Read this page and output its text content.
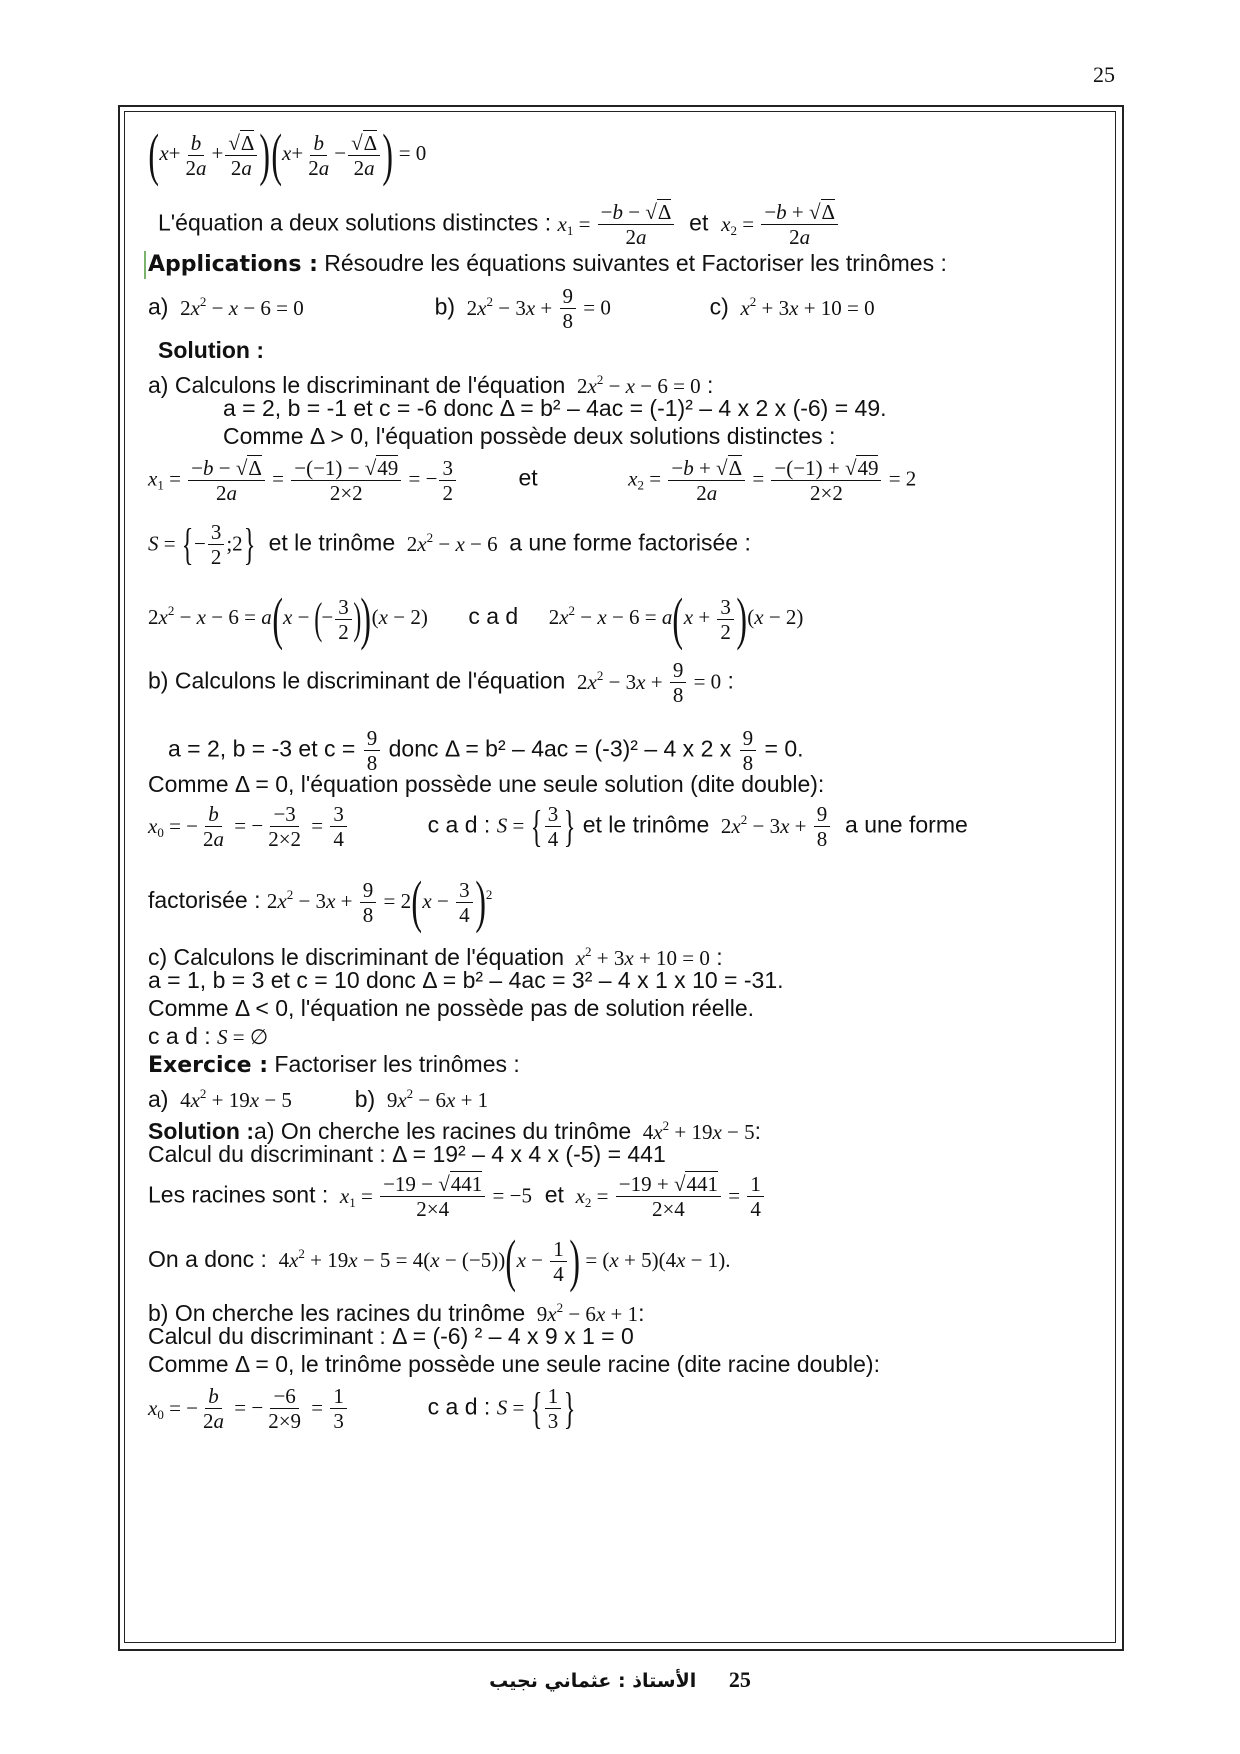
25
$(x+ \frac{b}{2a} + \frac{√\Delta}{2a} )(x+ \frac{b}{2a} - \frac{√\Delta}{2a}$ ) = 0
L'équation a deux solutions distinctes : $x_1 = \frac{-b - √\Delta}{2a}$ et $x_2 = \frac{-b + √\Delta}{2a}$
Applications : Résoudre les équations suivantes et Factoriser les trinômes :
a)  $2x^2 - x - 6 = 0$	b)  $2x^2 - 3x + \frac{9}{8} = 0$	c) $x^2 + 3x + 10 = 0$
Solution :
a) Calculons le discriminant de l'équation  $2x^2 - x - 6 = 0$ :
a = 2, b = -1 et c = -6 donc Δ = b² – 4ac = (-1)² – 4 x 2 x (-6) = 49.
Comme Δ > 0, l'équation possède deux solutions distinctes :
$x_1 = \frac{-b - √\Delta}{2a} = \frac{-(-1) - √49}{2\times 2}$ = − $\frac{3}{2}$	et	$x_2 = \frac{-b + √\Delta}{2a} = \frac{-(-1) + √49}{2\times 2} = 2$
S = {− $\frac{3}{2}$ ;2} et le trinôme  $2x^2 - x - 6$  a une forme factorisée :
$2x^2 - x - 6 = a(x$ − (− $\frac{3}{2} ))(x - 2)$  c a d  $2x^2 - x - 6 = a(x + \frac{3}{2} )(x - 2)$
b) Calculons le discriminant de l'équation  $2x^2 - 3x + \frac{9}{8} = 0$ :
a = 2, b = -3 et $c = \frac{9}{8}$ donc Δ = b² – 4ac = (-3)² – 4 x 2 x $\frac{9}{8} = 0$.
Comme Δ = 0, l'équation possède une seule solution (dite double):
$x_0$ = − $\frac{b}{2a}$ = − $\frac{-3}{2\times 2} = \frac{3}{4}$	c a d : S = { $\frac{3}{4}$ } et le trinôme  $2x^2 - 3x + \frac{9}{8}$ a une forme
factorisée : $2x^2 - 3x + \frac{9}{8} = 2(x - \frac{3}{4} )^2$
c) Calculons le discriminant de l'équation $x^2 + 3x + 10 = 0$ :
a = 1, b = 3 et c = 10 donc Δ = b² – 4ac = 3² – 4 x 1 x 10 = -31.
Comme Δ < 0, l'équation ne possède pas de solution réelle.
c a d : S = ∅
Exercice : Factoriser les trinômes :
a)  $4x^2 + 19x - 5$	b)  $9x^2 - 6x + 1$
Solution :a) On cherche les racines du trinôme  $4x^2 + 19x - 5$:
Calcul du discriminant : Δ = 19² – 4 x 4 x (-5) = 441
Les racines sont : $x_1 = \frac{-19 - √441}{2\times 4} = -5$ et $x_2 = \frac{-19 + √441}{2\times 4} = \frac{1}{4}$
On a donc :  $4x^2 + 19x - 5 = 4(x - (-5))(x - \frac{1}{4}$ ) = (x + 5)(4x − 1).
b) On cherche les racines du trinôme  $9x^2 - 6x + 1$:
Calcul du discriminant : Δ = (-6) ² – 4 x 9 x 1 = 0
Comme Δ = 0, le trinôme possède une seule racine (dite racine double):
$x_0$ = − $\frac{b}{2a}$ = − $\frac{-6}{2\times 9} = \frac{1}{3}$	c a d : S = { $\frac{1}{3}$ }
الأستاذ : عثماني نجيب 25
